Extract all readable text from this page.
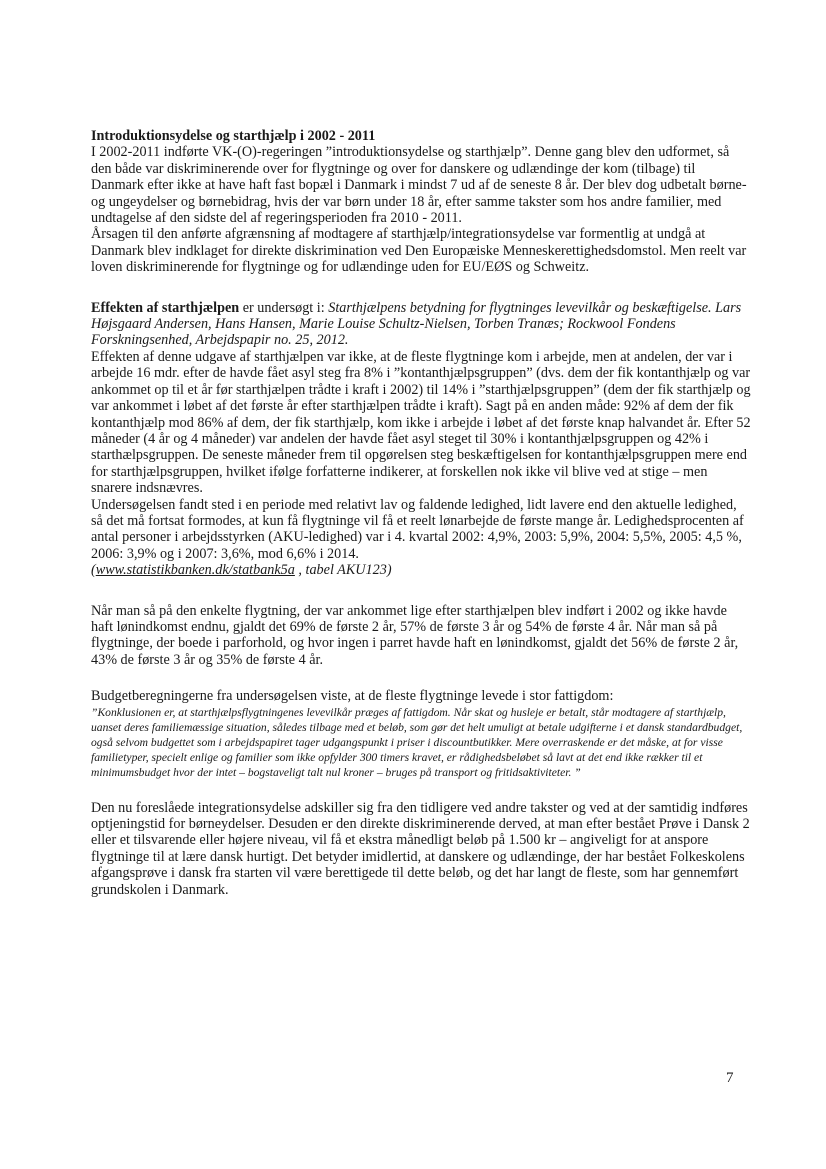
Introduktionsydelse og starthjælp i 2002 - 2011

I 2002-2011 indførte VK-(O)-regeringen ”introduktionsydelse og starthjælp”. Denne gang blev den udformet, så den både var diskriminerende over for flygtninge og over for danskere og udlændinge der kom (tilbage) til Danmark efter ikke at have haft fast bopæl i Danmark i mindst 7 ud af de seneste 8 år. Der blev dog udbetalt børne- og ungeydelser og børnebidrag, hvis der var børn under 18 år, efter samme takster som hos andre familier, med undtagelse af den sidste del af regeringsperioden fra 2010 - 2011.

Årsagen til den anførte afgrænsning af modtagere af starthjælp/integrationsydelse var formentlig at undgå at Danmark blev indklaget for direkte diskrimination ved Den Europæiske Menneskerettighedsdomstol. Men reelt var loven diskriminerende for flygtninge og for udlændinge uden for EU/EØS og Schweitz.

Effekten af starthjælpen er undersøgt i: Starthjælpens betydning for flygtninges levevilkår og beskæftigelse. Lars Højsgaard Andersen, Hans Hansen, Marie Louise Schultz-Nielsen, Torben Tranæs; Rockwool Fondens Forskningsenhed, Arbejdspapir no. 25, 2012.

Effekten af denne udgave af starthjælpen var ikke, at de fleste flygtninge kom i arbejde, men at andelen, der var i arbejde 16 mdr. efter de havde fået asyl steg fra 8% i ”kontanthjælpsgruppen” (dvs. dem der fik kontanthjælp og var ankommet op til et år før starthjælpen trådte i kraft i 2002) til 14% i ”starthjælpsgruppen” (dem der fik starthjælp og var ankommet i løbet af det første år efter starthjælpen trådte i kraft). Sagt på en anden måde: 92% af dem der fik kontanthjælp mod 86% af dem, der fik starthjælp, kom ikke i arbejde i løbet af det første knap halvandet år. Efter 52 måneder (4 år og 4 måneder) var andelen der havde fået asyl steget til 30% i kontanthjælpsgruppen og 42% i starthælpsgruppen. De seneste måneder frem til opgørelsen steg beskæftigelsen for kontanthjælpsgruppen mere end for starthjælpsgruppen, hvilket ifølge forfatterne indikerer, at forskellen nok ikke vil blive ved at stige – men snarere indsnævres.

Undersøgelsen fandt sted i en periode med relativt lav og faldende ledighed, lidt lavere end den aktuelle ledighed, så det må fortsat formodes, at kun få flygtninge vil få et reelt lønarbejde de første mange år. Ledighedsprocenten af antal personer i arbejdsstyrken (AKU-ledighed) var i 4. kvartal 2002: 4,9%, 2003: 5,9%, 2004: 5,5%, 2005: 4,5 %, 2006: 3,9% og i 2007: 3,6%, mod 6,6% i 2014.
(www.statistikbanken.dk/statbank5a , tabel AKU123)

Når man så på den enkelte flygtning, der var ankommet lige efter starthjælpen blev indført i 2002 og ikke havde haft lønindkomst endnu, gjaldt det 69% de første 2 år, 57% de første 3 år og 54% de første 4 år. Når man så på flygtninge, der boede i parforhold, og hvor ingen i parret havde haft en lønindkomst, gjaldt det 56% de første 2 år, 43% de første 3 år og 35% de første 4 år.

Budgetberegningerne fra undersøgelsen viste, at de fleste flygtninge levede i stor fattigdom:

”Konklusionen er, at starthjælpsflygtningenes levevilkår præges af fattigdom. Når skat og husleje er betalt, står modtagere af starthjælp, uanset deres familiemæssige situation, således tilbage med et beløb, som gør det helt umuligt at betale udgifterne i et dansk standardbudget, også selvom budgettet som i arbejdspapiret tager udgangspunkt i priser i discountbutikker. Mere overraskende er det måske, at for visse familietyper, specielt enlige og familier som ikke opfylder 300 timers kravet, er rådighedsbeløbet så lavt at det end ikke rækker til et minimumsbudget hvor der intet – bogstaveligt talt nul kroner – bruges på transport og fritidsaktiviteter. ”

Den nu foreslåede integrationsydelse adskiller sig fra den tidligere ved andre takster og ved at der samtidig indføres optjeningstid for børneydelser. Desuden er den direkte diskriminerende derved, at man efter bestået Prøve i Dansk 2 eller et tilsvarende eller højere niveau, vil få et ekstra månedligt beløb på 1.500 kr – angiveligt for at anspore flygtninge til at lære dansk hurtigt. Det betyder imidlertid, at danskere og udlændinge, der har bestået Folkeskolens afgangsprøve i dansk fra starten vil være berettigede til dette beløb, og det har langt de fleste, som har gennemført grundskolen i Danmark.

7
